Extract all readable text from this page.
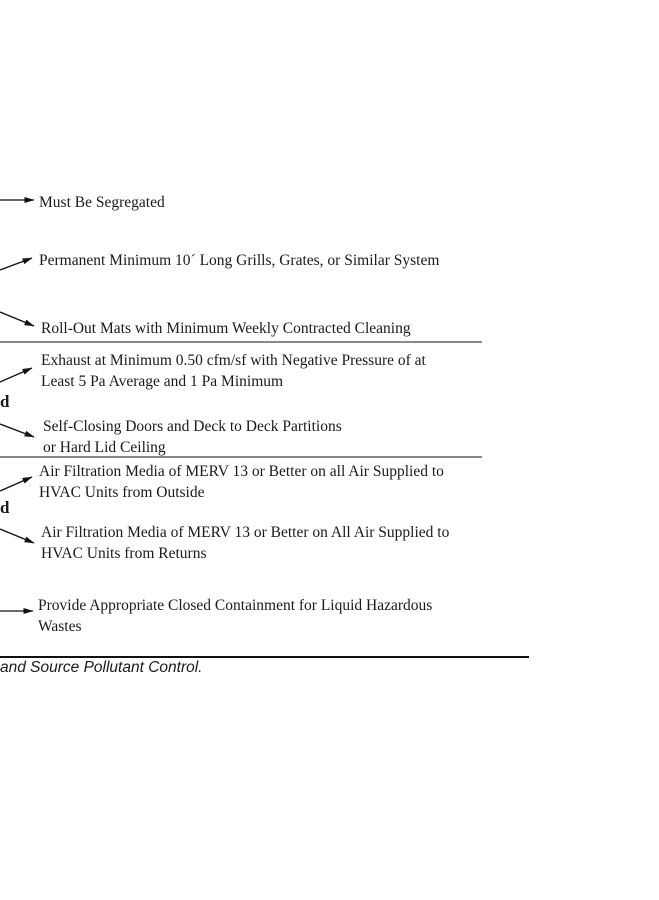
Must Be Segregated
Permanent Minimum 10´ Long Grills, Grates, or Similar System
Roll-Out Mats with Minimum Weekly Contracted Cleaning
Exhaust at Minimum 0.50 cfm/sf with Negative Pressure of at
Least 5 Pa Average and 1 Pa Minimum
Self-Closing Doors and Deck to Deck Partitions
or Hard Lid Ceiling
Air Filtration Media of MERV 13 or Better on all Air Supplied to
HVAC Units from Outside
Air Filtration Media of MERV 13 or Better on All Air Supplied to
HVAC Units from Returns
Provide Appropriate Closed Containment for Liquid Hazardous
Wastes
d
d
and Source Pollutant Control.
